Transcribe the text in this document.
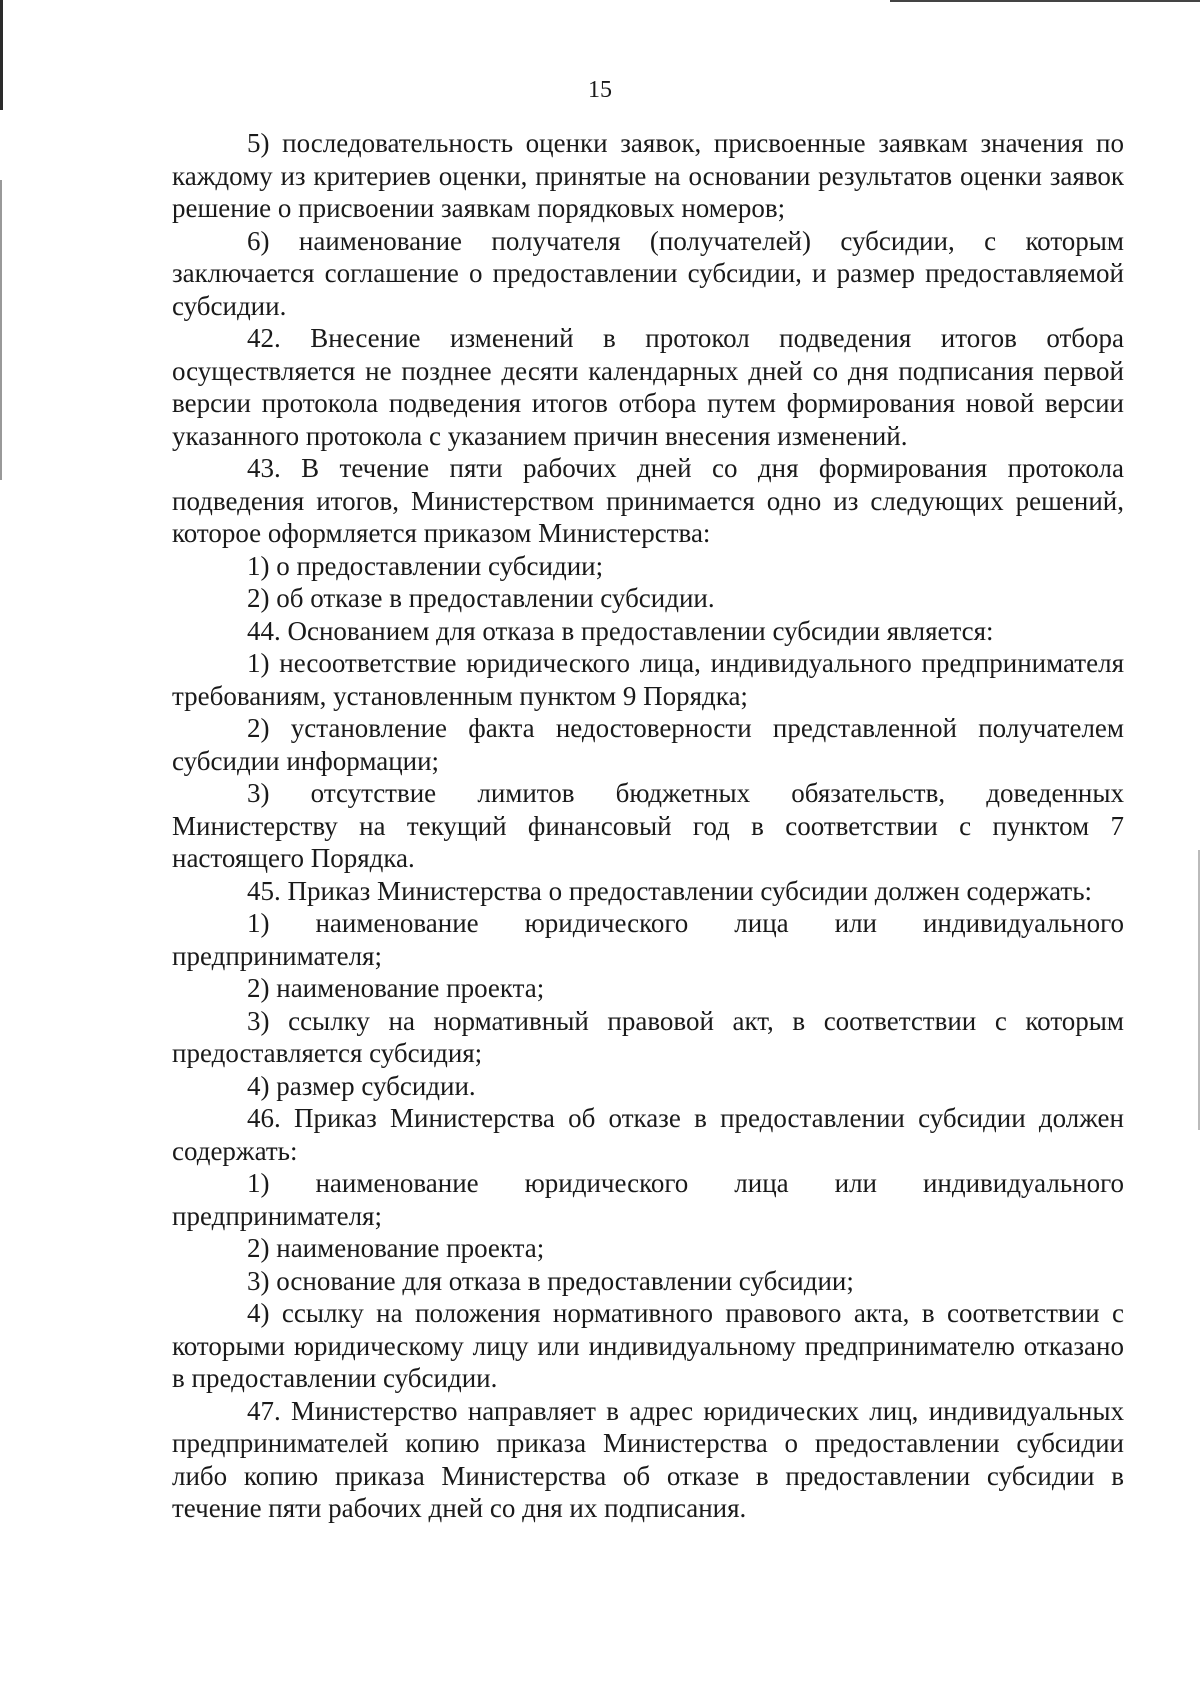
15

5) последовательность оценки заявок, присвоенные заявкам значения по каждому из критериев оценки, принятые на основании результатов оценки заявок решение о присвоении заявкам порядковых номеров;

6) наименование получателя (получателей) субсидии, с которым заключается соглашение о предоставлении субсидии, и размер предоставляемой субсидии.

42. Внесение изменений в протокол подведения итогов отбора осуществляется не позднее десяти календарных дней со дня подписания первой версии протокола подведения итогов отбора путем формирования новой версии указанного протокола с указанием причин внесения изменений.

43. В течение пяти рабочих дней со дня формирования протокола подведения итогов, Министерством принимается одно из следующих решений, которое оформляется приказом Министерства:

1) о предоставлении субсидии;

2) об отказе в предоставлении субсидии.

44. Основанием для отказа в предоставлении субсидии является:

1) несоответствие юридического лица, индивидуального предпринимателя требованиям, установленным пунктом 9 Порядка;

2) установление факта недостоверности представленной получателем субсидии информации;

3) отсутствие лимитов бюджетных обязательств, доведенных Министерству на текущий финансовый год в соответствии с пунктом 7 настоящего Порядка.

45. Приказ Министерства о предоставлении субсидии должен содержать:

1) наименование юридического лица или индивидуального предпринимателя;

2) наименование проекта;

3) ссылку на нормативный правовой акт, в соответствии с которым предоставляется субсидия;

4) размер субсидии.

46. Приказ Министерства об отказе в предоставлении субсидии должен содержать:

1) наименование юридического лица или индивидуального предпринимателя;

2) наименование проекта;

3) основание для отказа в предоставлении субсидии;

4) ссылку на положения нормативного правового акта, в соответствии с которыми юридическому лицу или индивидуальному предпринимателю отказано в предоставлении субсидии.

47. Министерство направляет в адрес юридических лиц, индивидуальных предпринимателей копию приказа Министерства о предоставлении субсидии либо копию приказа Министерства об отказе в предоставлении субсидии в течение пяти рабочих дней со дня их подписания.
